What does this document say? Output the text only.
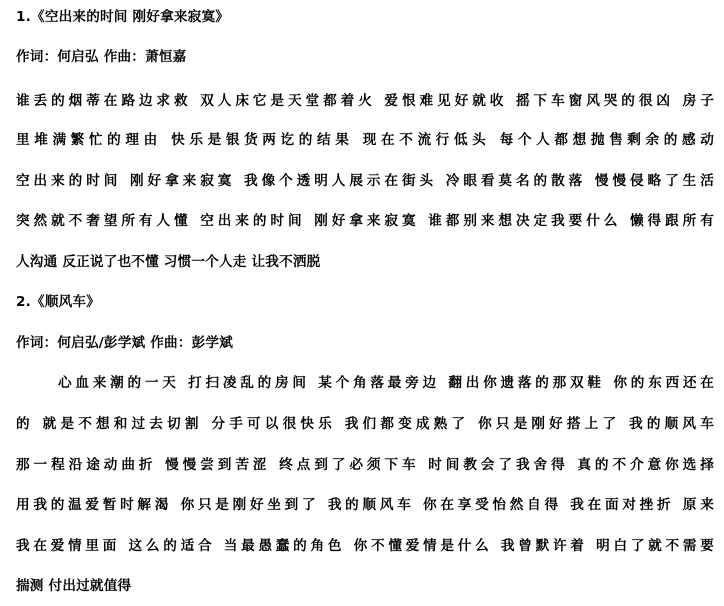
1.《空出来的时间 刚好拿来寂寞》
作词：何启弘 作曲：萧恒嘉
谁丢的烟蒂在路边求救 双人床它是天堂都着火 爱恨难见好就收 摇下车窗风哭的很凶 房子
里堆满繁忙的理由 快乐是银货两讫的结果 现在不流行低头 每个人都想抛售剩余的感动
空出来的时间 刚好拿来寂寞 我像个透明人展示在街头 冷眼看莫名的散落 慢慢侵略了生活
突然就不奢望所有人懂 空出来的时间 刚好拿来寂寞 谁都别来想决定我要什么 懒得跟所有
人沟通 反正说了也不懂 习惯一个人走 让我不洒脱
2.《顺风车》
作词：何启弘/彭学斌 作曲：彭学斌
心血来潮的一天 打扫凌乱的房间 某个角落最旁边 翻出你遗落的那双鞋 你的东西还在
的 就是不想和过去切割 分手可以很快乐 我们都变成熟了 你只是刚好搭上了 我的顺风车
那一程沿途动曲折 慢慢尝到苦涩 终点到了必须下车 时间教会了我舍得 真的不介意你选择
用我的温爱暂时解渴 你只是刚好坐到了 我的顺风车 你在享受怡然自得 我在面对挫折 原来
我在爱情里面 这么的适合 当最愚蠢的角色 你不懂爱情是什么 我曾默许着 明白了就不需要
揣测 付出过就值得
